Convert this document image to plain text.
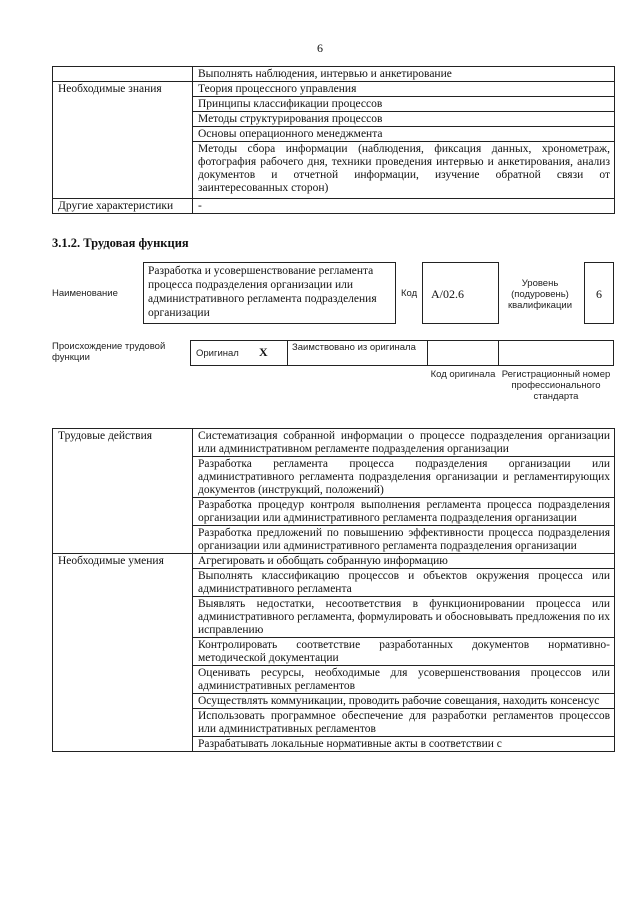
6
	Выполнять наблюдения, интервью и анкетирование
Необходимые знания	Теория процессного управления
	Принципы классификации процессов
	Методы структурирования процессов
	Основы операционного менеджмента
	Методы сбора информации (наблюдения, фиксация данных, хронометраж, фотография рабочего дня, техники проведения интервью и анкетирования, анализ документов и отчетной информации, изучение обратной связи от заинтересованных сторон)
Другие характеристики	-
3.1.2. Трудовая функция
Наименование
Разработка и усовершенствование регламента процесса подразделения организации или административного регламента подразделения организации
Код	A/02.6
Уровень (подуровень) квалификации
6
Происхождение трудовой функции	Оригинал X	Заимствовано из оригинала
Код оригинала Регистрационный номер профессионального стандарта
Трудовые действия	Систематизация собранной информации о процессе подразделения организации или административном регламенте подразделения организации
	Разработка регламента процесса подразделения организации или административного регламента подразделения организации и регламентирующих документов (инструкций, положений)
	Разработка процедур контроля выполнения регламента процесса подразделения организации или административного регламента подразделения организации
	Разработка предложений по повышению эффективности процесса подразделения организации или административного регламента подразделения организации
Необходимые умения	Агрегировать и обобщать собранную информацию
	Выполнять классификацию процессов и объектов окружения процесса или административного регламента
	Выявлять недостатки, несоответствия в функционировании процесса или административного регламента, формулировать и обосновывать предложения по их исправлению
	Контролировать соответствие разработанных документов нормативно-методической документации
	Оценивать ресурсы, необходимые для усовершенствования процессов или административных регламентов
	Осуществлять коммуникации, проводить рабочие совещания, находить консенсус
	Использовать программное обеспечение для разработки регламентов процессов или административных регламентов
	Разрабатывать локальные нормативные акты в соответствии с
